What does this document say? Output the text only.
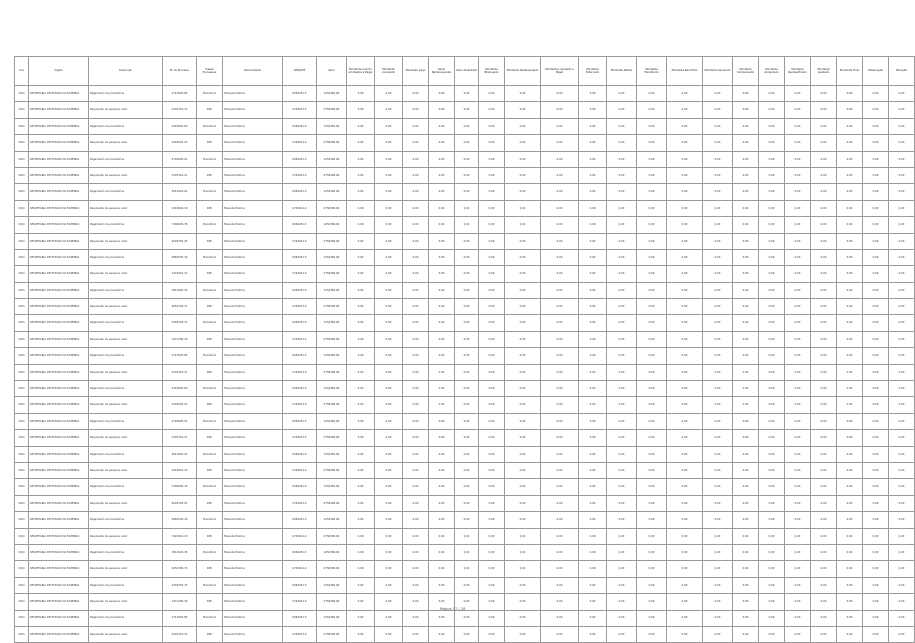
Ano	Órgão	Descrição	Nº do Processo	Classe Processual	Demandante	CNPJ/CPF	Valor	Montante inscrito em Restos a Pagar	Montante cancelado	Montante pago	Saldo Remanescente	Valor Atualizado	Montante Bloqueado	Montante Desbloqueado	Montante Liquidado a Pagar	Montante Estornado	Montante Retido	Montante Transferido	Montante Recolhido	Montante Devolvido	Montante Compensado	Montante Apropriado	Montante Reclassificado	Montante Ajustado	Montante Final	Observação	Situação
2011	SECRETARIA DE ESTADO DA FAZENDA	Pagamento de precatórios	4713620-85	Precatório	Fazenda Pública	0062431-5	1254360,00	0,00	0,00	0,00	0,00	0,00	0,00	0,00	0,00	0,00	0,00	0,00	0,00	0,00	0,00	0,00	0,00	0,00	0,00	0,00	0,00
2011	SECRETARIA DE ESTADO DA FAZENDA	Requisição de pequeno valor	2201370-12	RPV	Fazenda Pública	0742621-4	2756390,00	0,00	0,00	0,00	0,00	0,00	0,00	0,00	0,00	0,00	0,00	0,00	0,00	0,00	0,00	0,00	0,00	0,00	0,00	0,00	0,00
2011	SECRETARIA DE ESTADO DA FAZENDA	Pagamento de precatórios	4319830-60	Precatório	Fazenda Pública	0062431-5	1254360,00	0,00	0,00	0,00	0,00	0,00	0,00	0,00	0,00	0,00	0,00	0,00	0,00	0,00	0,00	0,00	0,00	0,00	0,00	0,00	0,00
2011	SECRETARIA DE ESTADO DA FAZENDA	Requisição de pequeno valor	2218020-23	RPV	Fazenda Pública	0742621-4	2756390,00	0,00	0,00	0,00	0,00	0,00	0,00	0,00	0,00	0,00	0,00	0,00	0,00	0,00	0,00	0,00	0,00	0,00	0,00	0,00	0,00
2011	SECRETARIA DE ESTADO DA FAZENDA	Pagamento de precatórios	4703620-91	Precatório	Fazenda Pública	0062431-5	1254360,00	0,00	0,00	0,00	0,00	0,00	0,00	0,00	0,00	0,00	0,00	0,00	0,00	0,00	0,00	0,00	0,00	0,00	0,00	0,00	0,00
2011	SECRETARIA DE ESTADO DA FAZENDA	Requisição de pequeno valor	7293301-21	RPV	Fazenda Pública	0742621-4	2756390,00	0,00	0,00	0,00	0,00	0,00	0,00	0,00	0,00	0,00	0,00	0,00	0,00	0,00	0,00	0,00	0,00	0,00	0,00	0,00	0,00
2011	SECRETARIA DE ESTADO DA FAZENDA	Pagamento de precatórios	3011020-24	Precatório	Fazenda Pública	0062431-5	1254360,00	0,00	0,00	0,00	0,00	0,00	0,00	0,00	0,00	0,00	0,00	0,00	0,00	0,00	0,00	0,00	0,00	0,00	0,00	0,00	0,00
2011	SECRETARIA DE ESTADO DA FAZENDA	Requisição de pequeno valor	2219602-19	RPV	Fazenda Pública	0742621-4	2756390,00	0,00	0,00	0,00	0,00	0,00	0,00	0,00	0,00	0,00	0,00	0,00	0,00	0,00	0,00	0,00	0,00	0,00	0,00	0,00	0,00
2011	SECRETARIA DE ESTADO DA FAZENDA	Pagamento de precatórios	7394020-76	Precatório	Fazenda Pública	0062431-5	1254360,00	0,00	0,00	0,00	0,00	0,00	0,00	0,00	0,00	0,00	0,00	0,00	0,00	0,00	0,00	0,00	0,00	0,00	0,00	0,00	0,00
2011	SECRETARIA DE ESTADO DA FAZENDA	Requisição de pequeno valor	4003330-25	RPV	Fazenda Pública	0742621-4	2756390,00	0,00	0,00	0,00	0,00	0,00	0,00	0,00	0,00	0,00	0,00	0,00	0,00	0,00	0,00	0,00	0,00	0,00	0,00	0,00	0,00
2011	SECRETARIA DE ESTADO DA FAZENDA	Pagamento de precatórios	4863530-16	Precatório	Fazenda Pública	0062431-5	1254360,00	0,00	0,00	0,00	0,00	0,00	0,00	0,00	0,00	0,00	0,00	0,00	0,00	0,00	0,00	0,00	0,00	0,00	0,00	0,00	0,00
2011	SECRETARIA DE ESTADO DA FAZENDA	Requisição de pequeno valor	7422010-13	RPV	Fazenda Pública	0742621-4	2756390,00	0,00	0,00	0,00	0,00	0,00	0,00	0,00	0,00	0,00	0,00	0,00	0,00	0,00	0,00	0,00	0,00	0,00	0,00	0,00	0,00
2011	SECRETARIA DE ESTADO DA FAZENDA	Pagamento de precatórios	3812020-45	Precatório	Fazenda Pública	0062431-5	1254360,00	0,00	0,00	0,00	0,00	0,00	0,00	0,00	0,00	0,00	0,00	0,00	0,00	0,00	0,00	0,00	0,00	0,00	0,00	0,00	0,00
2011	SECRETARIA DE ESTADO DA FAZENDA	Requisição de pequeno valor	4054330-71	RPV	Fazenda Pública	0742621-4	2756390,00	0,00	0,00	0,00	0,00	0,00	0,00	0,00	0,00	0,00	0,00	0,00	0,00	0,00	0,00	0,00	0,00	0,00	0,00	0,00	0,00
2011	SECRETARIA DE ESTADO DA FAZENDA	Pagamento de precatórios	4318330-73	Precatório	Fazenda Pública	0062431-5	1254360,00	0,00	0,00	0,00	0,00	0,00	0,00	0,00	0,00	0,00	0,00	0,00	0,00	0,00	0,00	0,00	0,00	0,00	0,00	0,00	0,00
2011	SECRETARIA DE ESTADO DA FAZENDA	Requisição de pequeno valor	1471290-30	RPV	Fazenda Pública	0742621-4	2756390,00	0,00	0,00	0,00	0,00	0,00	0,00	0,00	0,00	0,00	0,00	0,00	0,00	0,00	0,00	0,00	0,00	0,00	0,00	0,00	0,00
2011	SECRETARIA DE ESTADO DA FAZENDA	Pagamento de precatórios	4713620-85	Precatório	Fazenda Pública	0062431-5	1254360,00	0,00	0,00	0,00	0,00	0,00	0,00	0,00	0,00	0,00	0,00	0,00	0,00	0,00	0,00	0,00	0,00	0,00	0,00	0,00	0,00
2011	SECRETARIA DE ESTADO DA FAZENDA	Requisição de pequeno valor	2201370-12	RPV	Fazenda Pública	0742621-4	2756390,00	0,00	0,00	0,00	0,00	0,00	0,00	0,00	0,00	0,00	0,00	0,00	0,00	0,00	0,00	0,00	0,00	0,00	0,00	0,00	0,00
2011	SECRETARIA DE ESTADO DA FAZENDA	Pagamento de precatórios	4319830-60	Precatório	Fazenda Pública	0062431-5	1254360,00	0,00	0,00	0,00	0,00	0,00	0,00	0,00	0,00	0,00	0,00	0,00	0,00	0,00	0,00	0,00	0,00	0,00	0,00	0,00	0,00
2011	SECRETARIA DE ESTADO DA FAZENDA	Requisição de pequeno valor	2218020-23	RPV	Fazenda Pública	0742621-4	2756390,00	0,00	0,00	0,00	0,00	0,00	0,00	0,00	0,00	0,00	0,00	0,00	0,00	0,00	0,00	0,00	0,00	0,00	0,00	0,00	0,00
2011	SECRETARIA DE ESTADO DA FAZENDA	Pagamento de precatórios	4703620-91	Precatório	Fazenda Pública	0062431-5	1254360,00	0,00	0,00	0,00	0,00	0,00	0,00	0,00	0,00	0,00	0,00	0,00	0,00	0,00	0,00	0,00	0,00	0,00	0,00	0,00	0,00
2011	SECRETARIA DE ESTADO DA FAZENDA	Requisição de pequeno valor	7293301-21	RPV	Fazenda Pública	0742621-4	2756390,00	0,00	0,00	0,00	0,00	0,00	0,00	0,00	0,00	0,00	0,00	0,00	0,00	0,00	0,00	0,00	0,00	0,00	0,00	0,00	0,00
2011	SECRETARIA DE ESTADO DA FAZENDA	Pagamento de precatórios	3011020-24	Precatório	Fazenda Pública	0062431-5	1254360,00	0,00	0,00	0,00	0,00	0,00	0,00	0,00	0,00	0,00	0,00	0,00	0,00	0,00	0,00	0,00	0,00	0,00	0,00	0,00	0,00
2011	SECRETARIA DE ESTADO DA FAZENDA	Requisição de pequeno valor	2219602-19	RPV	Fazenda Pública	0742621-4	2756390,00	0,00	0,00	0,00	0,00	0,00	0,00	0,00	0,00	0,00	0,00	0,00	0,00	0,00	0,00	0,00	0,00	0,00	0,00	0,00	0,00
2011	SECRETARIA DE ESTADO DA FAZENDA	Pagamento de precatórios	7394020-76	Precatório	Fazenda Pública	0062431-5	1254360,00	0,00	0,00	0,00	0,00	0,00	0,00	0,00	0,00	0,00	0,00	0,00	0,00	0,00	0,00	0,00	0,00	0,00	0,00	0,00	0,00
2011	SECRETARIA DE ESTADO DA FAZENDA	Requisição de pequeno valor	4003330-25	RPV	Fazenda Pública	0742621-4	2756390,00	0,00	0,00	0,00	0,00	0,00	0,00	0,00	0,00	0,00	0,00	0,00	0,00	0,00	0,00	0,00	0,00	0,00	0,00	0,00	0,00
2011	SECRETARIA DE ESTADO DA FAZENDA	Pagamento de precatórios	4863530-16	Precatório	Fazenda Pública	0062431-5	1254360,00	0,00	0,00	0,00	0,00	0,00	0,00	0,00	0,00	0,00	0,00	0,00	0,00	0,00	0,00	0,00	0,00	0,00	0,00	0,00	0,00
2011	SECRETARIA DE ESTADO DA FAZENDA	Requisição de pequeno valor	7422010-13	RPV	Fazenda Pública	0742621-4	2756390,00	0,00	0,00	0,00	0,00	0,00	0,00	0,00	0,00	0,00	0,00	0,00	0,00	0,00	0,00	0,00	0,00	0,00	0,00	0,00	0,00
2011	SECRETARIA DE ESTADO DA FAZENDA	Pagamento de precatórios	3812020-45	Precatório	Fazenda Pública	0062431-5	1254360,00	0,00	0,00	0,00	0,00	0,00	0,00	0,00	0,00	0,00	0,00	0,00	0,00	0,00	0,00	0,00	0,00	0,00	0,00	0,00	0,00
2011	SECRETARIA DE ESTADO DA FAZENDA	Requisição de pequeno valor	4054330-71	RPV	Fazenda Pública	0742621-4	2756390,00	0,00	0,00	0,00	0,00	0,00	0,00	0,00	0,00	0,00	0,00	0,00	0,00	0,00	0,00	0,00	0,00	0,00	0,00	0,00	0,00
2011	SECRETARIA DE ESTADO DA FAZENDA	Pagamento de precatórios	4318330-73	Precatório	Fazenda Pública	0062431-5	1254360,00	0,00	0,00	0,00	0,00	0,00	0,00	0,00	0,00	0,00	0,00	0,00	0,00	0,00	0,00	0,00	0,00	0,00	0,00	0,00	0,00
2011	SECRETARIA DE ESTADO DA FAZENDA	Requisição de pequeno valor	1471290-30	RPV	Fazenda Pública	0742621-4	2756390,00	0,00	0,00	0,00	0,00	0,00	0,00	0,00	0,00	0,00	0,00	0,00	0,00	0,00	0,00	0,00	0,00	0,00	0,00	0,00	0,00
2011	SECRETARIA DE ESTADO DA FAZENDA	Pagamento de precatórios	4713620-85	Precatório	Fazenda Pública	0062431-5	1254360,00	0,00	0,00	0,00	0,00	0,00	0,00	0,00	0,00	0,00	0,00	0,00	0,00	0,00	0,00	0,00	0,00	0,00	0,00	0,00	0,00
2011	SECRETARIA DE ESTADO DA FAZENDA	Requisição de pequeno valor	2201370-12	RPV	Fazenda Pública	0742621-4	2756390,00	0,00	0,00	0,00	0,00	0,00	0,00	0,00	0,00	0,00	0,00	0,00	0,00	0,00	0,00	0,00	0,00	0,00	0,00	0,00	0,00
Página 17 | 28
